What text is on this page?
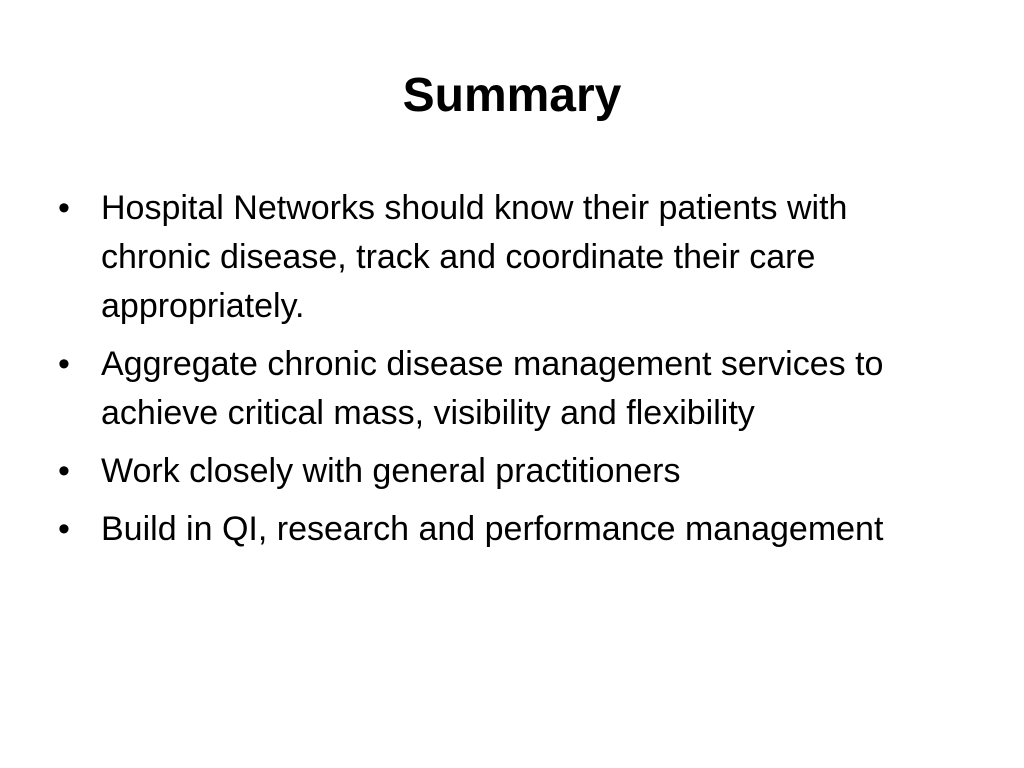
Summary
• Hospital Networks should know their patients with chronic disease, track and coordinate their care appropriately.
• Aggregate chronic disease management services to achieve critical mass, visibility and flexibility
• Work closely with general practitioners
• Build in QI, research and performance management
